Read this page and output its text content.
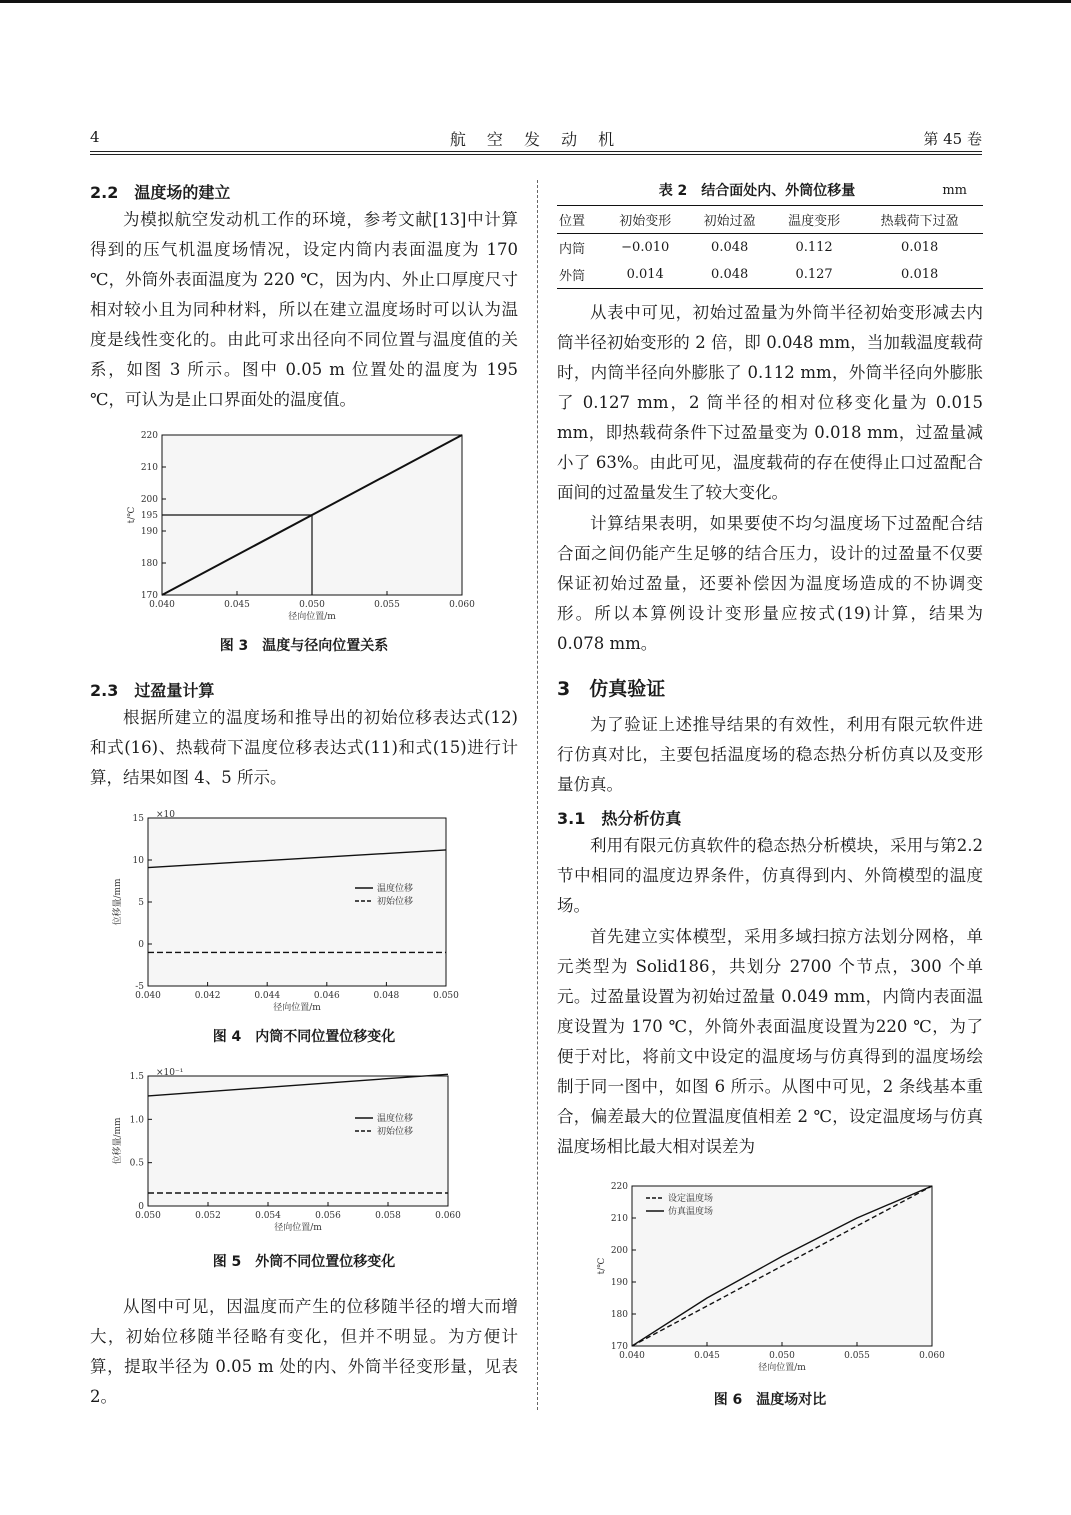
4	航 空 发 动 机	第 45 卷
2.2　温度场的建立

为模拟航空发动机工作的环境，参考文献[13]中计算得到的压气机温度场情况，设定内筒内表面温度为 170 ℃，外筒外表面温度为 220 ℃，因为内、外止口厚度尺寸相对较小且为同种材料，所以在建立温度场时可以认为温度是线性变化的。由此可求出径向不同位置与温度值的关系，如图 3 所示。图中 0.05 m 位置处的温度为 195 ℃，可认为是止口界面处的温度值。

0.040	0.045	0.050	0.055	0.060
170
180
190
195
200
210
220
径向位置/m
t/℃
图 3　温度与径向位置关系
2.3　过盈量计算

根据所建立的温度场和推导出的初始位移表达式(12)和式(16)、热载荷下温度位移表达式(11)和式(15)进行计算，结果如图 4、5 所示。

0.040	0.042	0.044	0.046	0.048	0.050
-5
0
5
10
15
径向位置/m
位移量/mm
×10
温度位移
初始位移
图 4　内筒不同位置位移变化
0.050	0.052	0.054	0.056	0.058	0.060
0
0.5
1.0
1.5
径向位置/m
位移量/mm
×10⁻¹
温度位移
初始位移
图 5　外筒不同位置位移变化

从图中可见，因温度而产生的位移随半径的增大而增大，初始位移随半径略有变化，但并不明显。为方便计算，提取半径为 0.05 m 处的内、外筒半径变形量，见表 2。

表 2　结合面处内、外筒位移量	mm
位置	初始变形	初始过盈	温度变形	热载荷下过盈
内筒	−0.010	0.048	0.112	0.018
外筒	0.014	0.048	0.127	0.018

从表中可见，初始过盈量为外筒半径初始变形减去内筒半径初始变形的 2 倍，即 0.048 mm，当加载温度载荷时，内筒半径向外膨胀了 0.112 mm，外筒半径向外膨胀了 0.127 mm，2 筒半径的相对位移变化量为 0.015 mm，即热载荷条件下过盈量变为 0.018 mm，过盈量减小了 63%。由此可见，温度载荷的存在使得止口过盈配合面间的过盈量发生了较大变化。

计算结果表明，如果要使不均匀温度场下过盈配合结合面之间仍能产生足够的结合压力，设计的过盈量不仅要保证初始过盈量，还要补偿因为温度场造成的不协调变形。所以本算例设计变形量应按式(19)计算，结果为 0.078 mm。

3　仿真验证

为了验证上述推导结果的有效性，利用有限元软件进行仿真对比，主要包括温度场的稳态热分析仿真以及变形量仿真。

3.1　热分析仿真

利用有限元仿真软件的稳态热分析模块，采用与第2.2 节中相同的温度边界条件，仿真得到内、外筒模型的温度场。

首先建立实体模型，采用多域扫掠方法划分网格，单元类型为 Solid186，共划分 2700 个节点，300 个单元。过盈量设置为初始过盈量 0.049 mm，内筒内表面温度设置为 170 ℃，外筒外表面温度设置为220 ℃，为了便于对比，将前文中设定的温度场与仿真得到的温度场绘制于同一图中，如图 6 所示。从图中可见，2 条线基本重合，偏差最大的位置温度值相差 2 ℃，设定温度场与仿真温度场相比最大相对误差为

0.040	0.045	0.050	0.055	0.060
170
180
190
200
210
220
径向位置/m
t/℃
设定温度场
仿真温度场
图 6　温度场对比
